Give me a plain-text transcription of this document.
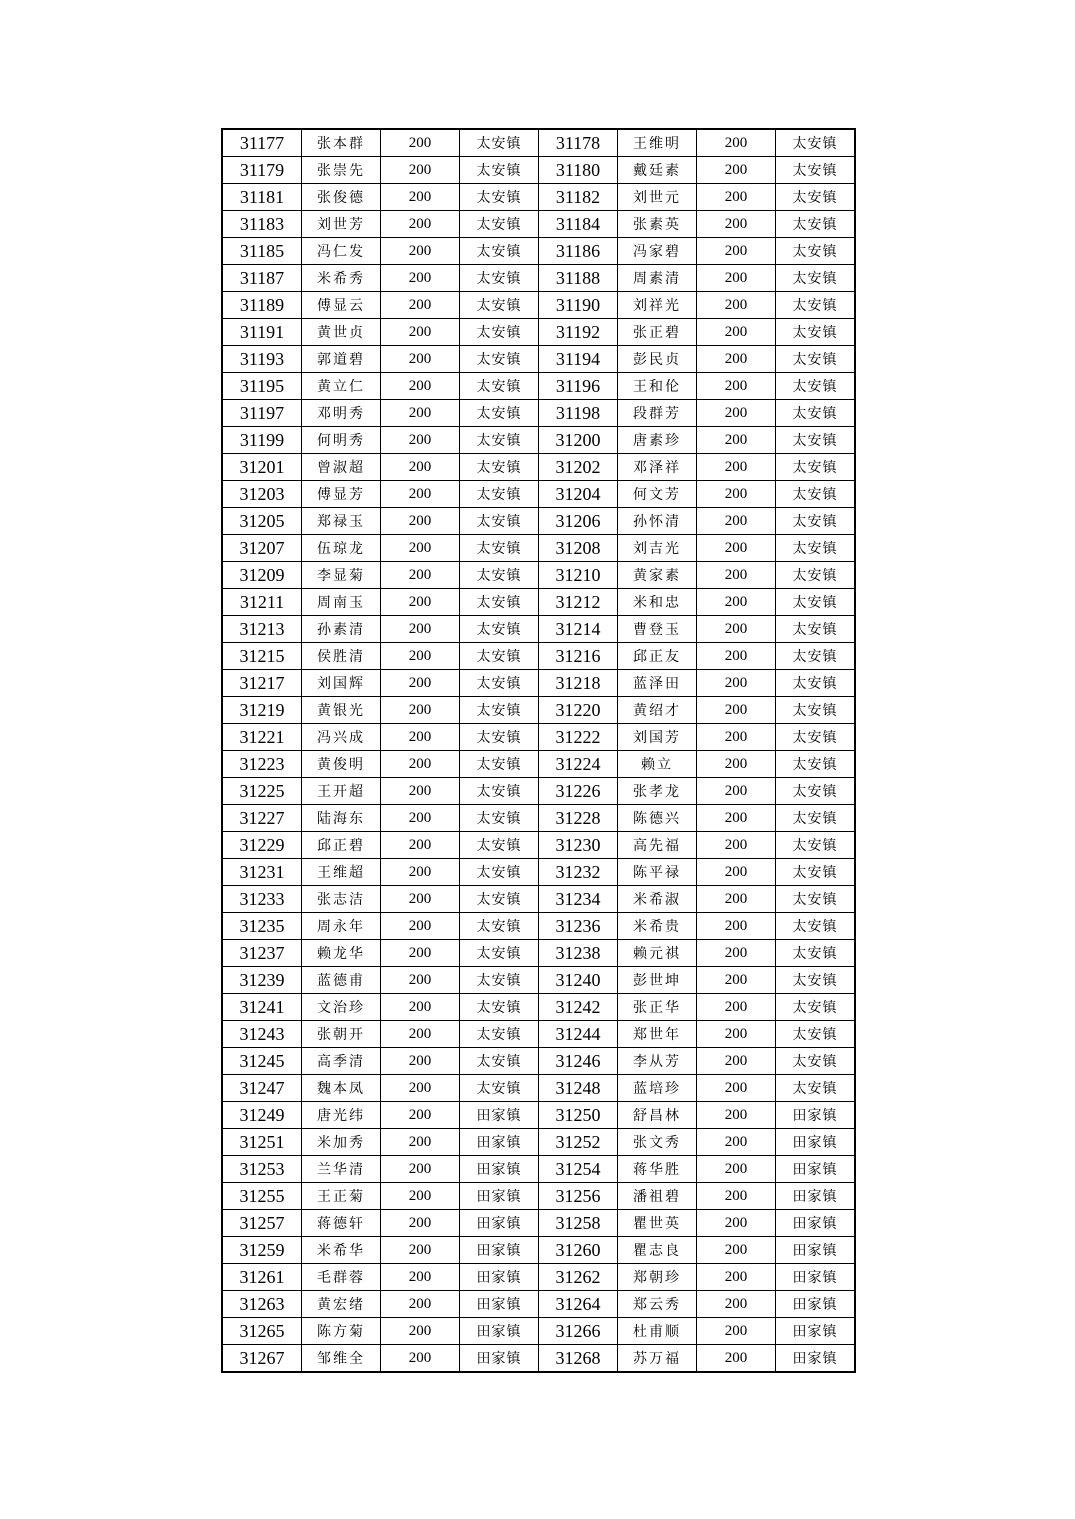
31177	张本群	200	太安镇	31178	王维明	200	太安镇
31179	张崇先	200	太安镇	31180	戴廷素	200	太安镇
31181	张俊德	200	太安镇	31182	刘世元	200	太安镇
31183	刘世芳	200	太安镇	31184	张素英	200	太安镇
31185	冯仁发	200	太安镇	31186	冯家碧	200	太安镇
31187	米希秀	200	太安镇	31188	周素清	200	太安镇
31189	傅显云	200	太安镇	31190	刘祥光	200	太安镇
31191	黄世贞	200	太安镇	31192	张正碧	200	太安镇
31193	郭道碧	200	太安镇	31194	彭民贞	200	太安镇
31195	黄立仁	200	太安镇	31196	王和伦	200	太安镇
31197	邓明秀	200	太安镇	31198	段群芳	200	太安镇
31199	何明秀	200	太安镇	31200	唐素珍	200	太安镇
31201	曾淑超	200	太安镇	31202	邓泽祥	200	太安镇
31203	傅显芳	200	太安镇	31204	何文芳	200	太安镇
31205	郑禄玉	200	太安镇	31206	孙怀清	200	太安镇
31207	伍琼龙	200	太安镇	31208	刘吉光	200	太安镇
31209	李显菊	200	太安镇	31210	黄家素	200	太安镇
31211	周南玉	200	太安镇	31212	米和忠	200	太安镇
31213	孙素清	200	太安镇	31214	曹登玉	200	太安镇
31215	侯胜清	200	太安镇	31216	邱正友	200	太安镇
31217	刘国辉	200	太安镇	31218	蓝泽田	200	太安镇
31219	黄银光	200	太安镇	31220	黄绍才	200	太安镇
31221	冯兴成	200	太安镇	31222	刘国芳	200	太安镇
31223	黄俊明	200	太安镇	31224	赖立	200	太安镇
31225	王开超	200	太安镇	31226	张孝龙	200	太安镇
31227	陆海东	200	太安镇	31228	陈德兴	200	太安镇
31229	邱正碧	200	太安镇	31230	高先福	200	太安镇
31231	王维超	200	太安镇	31232	陈平禄	200	太安镇
31233	张志洁	200	太安镇	31234	米希淑	200	太安镇
31235	周永年	200	太安镇	31236	米希贵	200	太安镇
31237	赖龙华	200	太安镇	31238	赖元祺	200	太安镇
31239	蓝德甫	200	太安镇	31240	彭世坤	200	太安镇
31241	文治珍	200	太安镇	31242	张正华	200	太安镇
31243	张朝开	200	太安镇	31244	郑世年	200	太安镇
31245	高季清	200	太安镇	31246	李从芳	200	太安镇
31247	魏本凤	200	太安镇	31248	蓝培珍	200	太安镇
31249	唐光纬	200	田家镇	31250	舒昌林	200	田家镇
31251	米加秀	200	田家镇	31252	张文秀	200	田家镇
31253	兰华清	200	田家镇	31254	蒋华胜	200	田家镇
31255	王正菊	200	田家镇	31256	潘祖碧	200	田家镇
31257	蒋德轩	200	田家镇	31258	瞿世英	200	田家镇
31259	米希华	200	田家镇	31260	瞿志良	200	田家镇
31261	毛群蓉	200	田家镇	31262	郑朝珍	200	田家镇
31263	黄宏绪	200	田家镇	31264	郑云秀	200	田家镇
31265	陈方菊	200	田家镇	31266	杜甫顺	200	田家镇
31267	邹维全	200	田家镇	31268	苏万福	200	田家镇
